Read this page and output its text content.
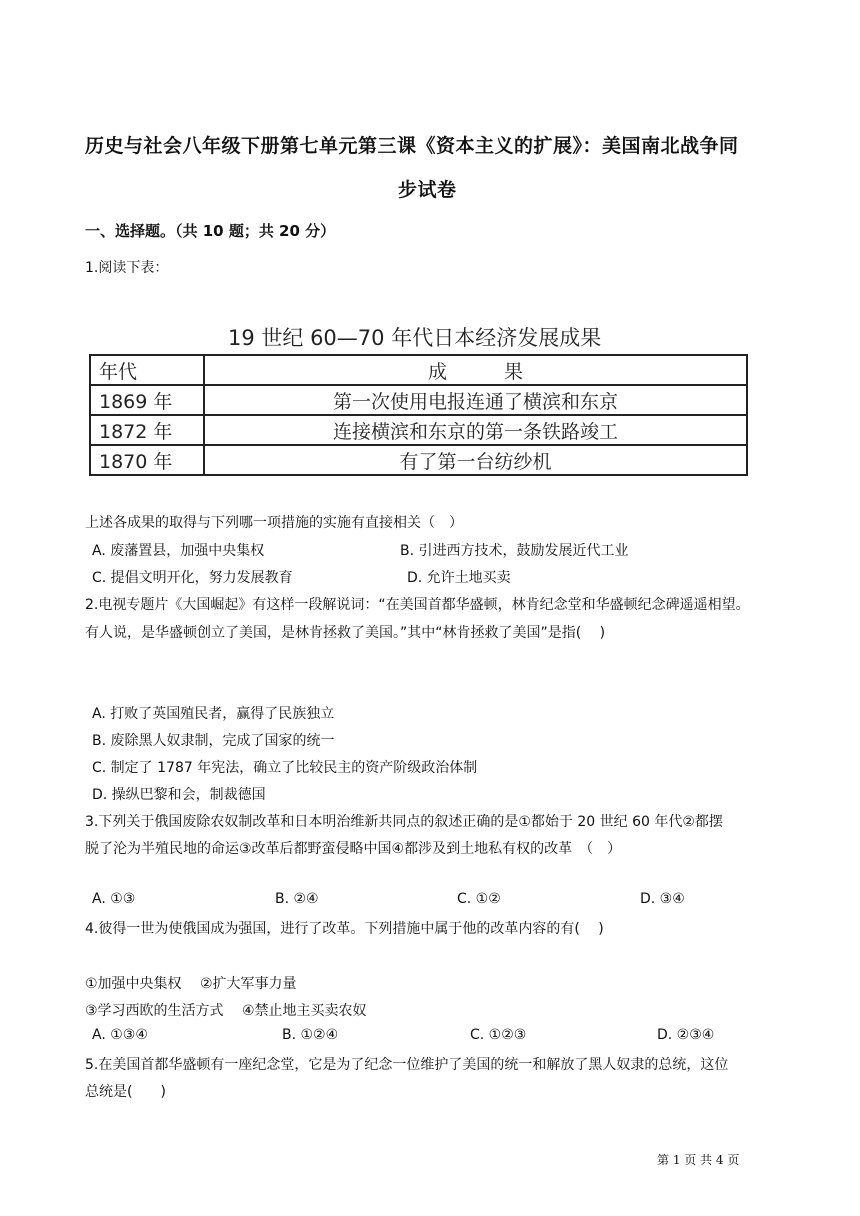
历史与社会八年级下册第七单元第三课《资本主义的扩展》：美国南北战争同
步试卷
一、选择题。（共 10 题；共 20 分）
1.阅读下表：
19 世纪 60—70 年代日本经济发展成果
年代	成　　　果
1869 年	第一次使用电报连通了横滨和东京
1872 年	连接横滨和东京的第一条铁路竣工
1870 年	有了第一台纺纱机
上述各成果的取得与下列哪一项措施的实施有直接相关（　）
A. 废藩置县，加强中央集权	B. 引进西方技术，鼓励发展近代工业
C. 提倡文明开化，努力发展教育	D. 允许土地买卖
2.电视专题片《大国崛起》有这样一段解说词：“在美国首都华盛顿，林肯纪念堂和华盛顿纪念碑遥遥相望。
有人说，是华盛顿创立了美国，是林肯拯救了美国。”其中“林肯拯救了美国”是指(　 )
A. 打败了英国殖民者，赢得了民族独立
B. 废除黑人奴隶制，完成了国家的统一
C. 制定了 1787 年宪法，确立了比较民主的资产阶级政治体制
D. 操纵巴黎和会，制裁德国
3.下列关于俄国废除农奴制改革和日本明治维新共同点的叙述正确的是①都始于 20 世纪 60 年代②都摆
脱了沦为半殖民地的命运③改革后都野蛮侵略中国④都涉及到土地私有权的改革　（　）
A. ①③	B. ②④	C. ①②	D. ③④
4.彼得一世为使俄国成为强国，进行了改革。下列措施中属于他的改革内容的有(　 )
①加强中央集权　 ②扩大军事力量
③学习西欧的生活方式　 ④禁止地主买卖农奴
A. ①③④	B. ①②④	C. ①②③	D. ②③④
5.在美国首都华盛顿有一座纪念堂，它是为了纪念一位维护了美国的统一和解放了黑人奴隶的总统，这位
总统是(　　)
第 1 页 共 4 页
